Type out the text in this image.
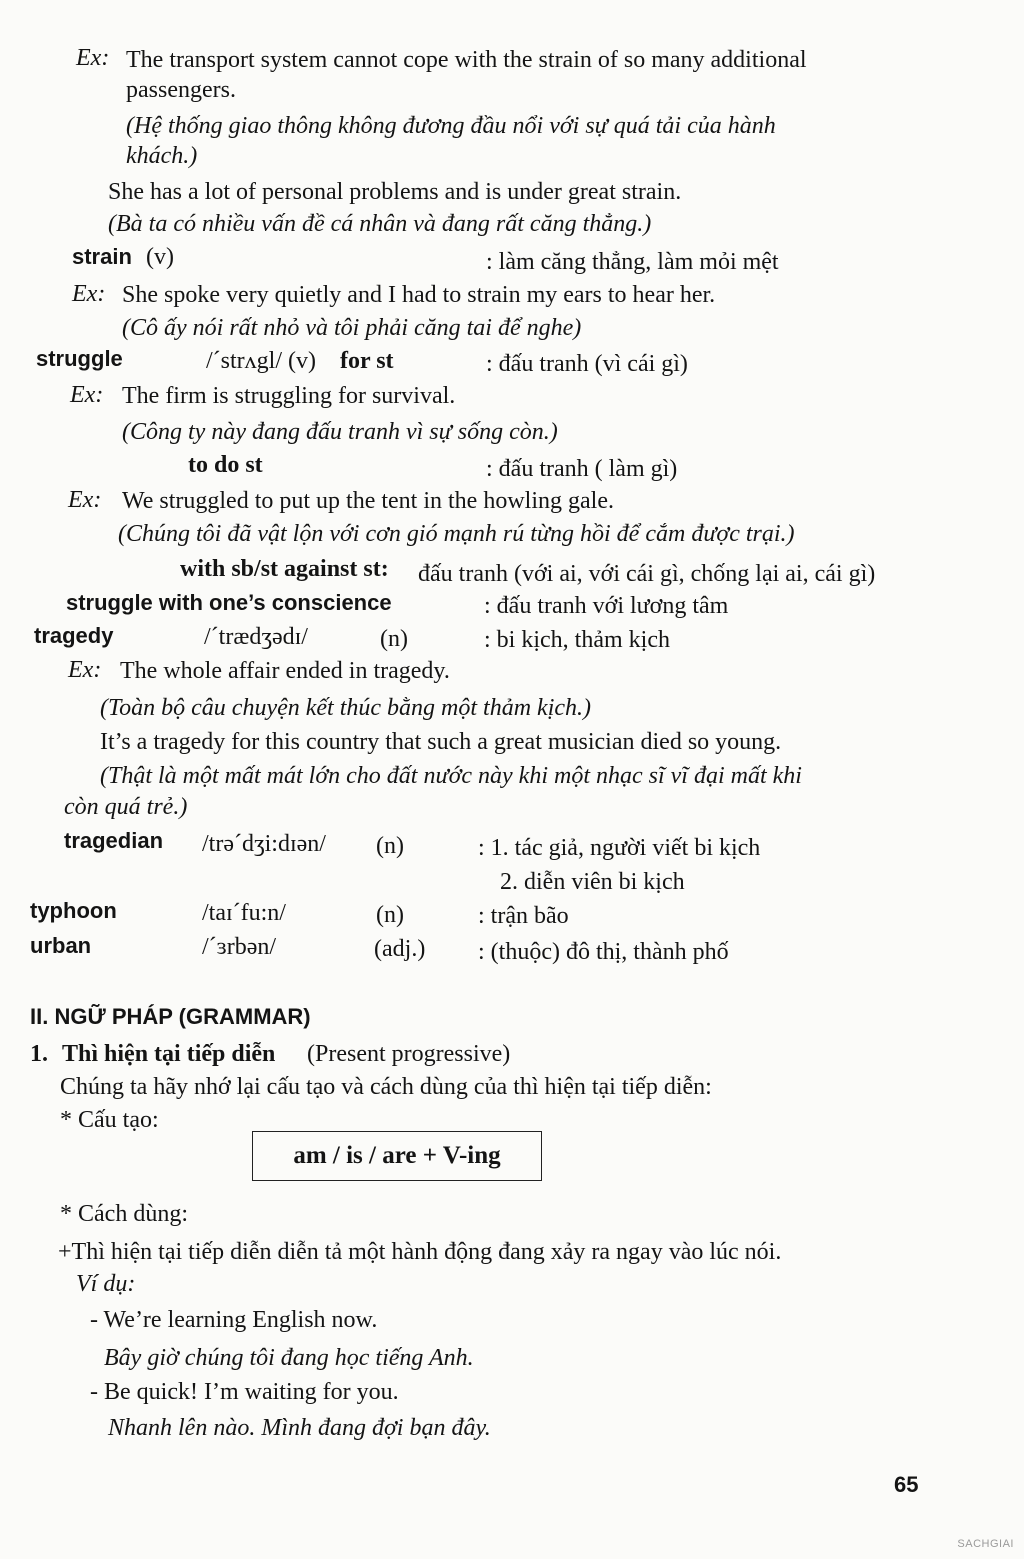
Ex: The transport system cannot cope with the strain of so many additional
passengers.
(Hệ thống giao thông không đương đầu nổi với sự quá tải của hành
khách.)
She has a lot of personal problems and is under great strain.
(Bà ta có nhiều vấn đề cá nhân và đang rất căng thẳng.)
strain (v)	: làm căng thẳng, làm mỏi mệt
Ex: She spoke very quietly and I had to strain my ears to hear her.
(Cô ấy nói rất nhỏ và tôi phải căng tai để nghe)
struggle	/´strʌgl/ (v) for st	: đấu tranh (vì cái gì)
Ex: The firm is struggling for survival.
(Công ty này đang đấu tranh vì sự sống còn.)
to do st	: đấu tranh ( làm gì)
Ex: We struggled to put up the tent in the howling gale.
(Chúng tôi đã vật lộn với cơn gió mạnh rú từng hồi để cắm được trại.)
with sb/st against st: đấu tranh (với ai, với cái gì, chống lại ai, cái gì)
struggle with one’s conscience	: đấu tranh với lương tâm
tragedy	/´trædʒədɪ/	(n)	: bi kịch, thảm kịch
Ex: The whole affair ended in tragedy.
(Toàn bộ câu chuyện kết thúc bằng một thảm kịch.)
It’s a tragedy for this country that such a great musician died so young.
(Thật là một mất mát lớn cho đất nước này khi một nhạc sĩ vĩ đại mất khi
còn quá trẻ.)
tragedian /trə´dʒi:dɪən/ (n)	: 1. tác giả, người viết bi kịch
2. diễn viên bi kịch
typhoon	/taɪ´fu:n/	(n)	: trận bão
urban	/´ɜrbən/	(adj.) : (thuộc) đô thị, thành phố
II. NGỮ PHÁP (GRAMMAR)
1. Thì hiện tại tiếp diễn (Present progressive)
Chúng ta hãy nhớ lại cấu tạo và cách dùng của thì hiện tại tiếp diễn:
* Cấu tạo:
am / is / are + V-ing
* Cách dùng:
+Thì hiện tại tiếp diễn diễn tả một hành động đang xảy ra ngay vào lúc nói.
Ví dụ:
- We’re learning English now.
Bây giờ chúng tôi đang học tiếng Anh.
- Be quick! I’m waiting for you.
Nhanh lên nào. Mình đang đợi bạn đây.
65
SACHGIAI
